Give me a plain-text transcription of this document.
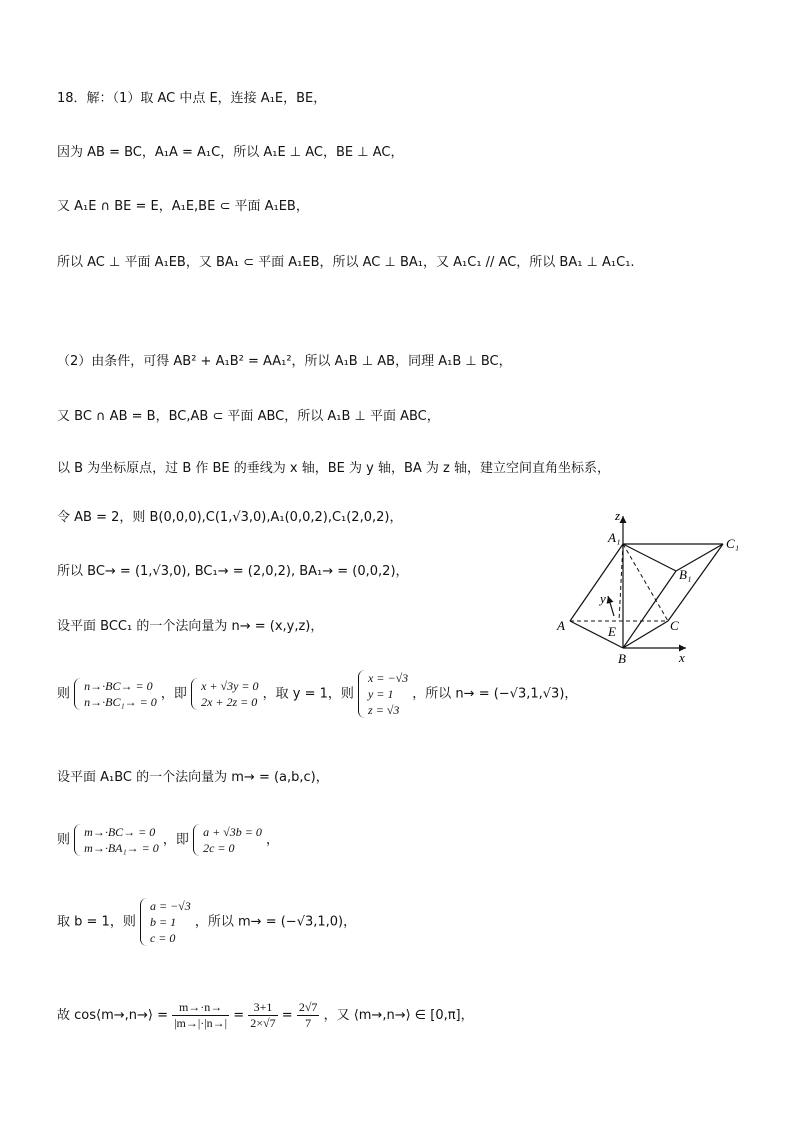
18．解：（1）取 AC 中点 E，连接 A₁E，BE，
因为 AB = BC，A₁A = A₁C，所以 A₁E ⊥ AC，BE ⊥ AC，
又 A₁E ∩ BE = E，A₁E,BE ⊂ 平面 A₁EB，
所以 AC ⊥ 平面 A₁EB，又 BA₁ ⊂ 平面 A₁EB，所以 AC ⊥ BA₁，又 A₁C₁ // AC，所以 BA₁ ⊥ A₁C₁.
（2）由条件，可得 AB² + A₁B² = AA₁²，所以 A₁B ⊥ AB，同理 A₁B ⊥ BC，
又 BC ∩ AB = B，BC,AB ⊂ 平面 ABC，所以 A₁B ⊥ 平面 ABC，
以 B 为坐标原点，过 B 作 BE 的垂线为 x 轴，BE 为 y 轴，BA 为 z 轴，建立空间直角坐标系，
令 AB = 2，则 B(0,0,0),C(1,√3,0),A₁(0,0,2),C₁(2,0,2)，
所以 BC→ = (1,√3,0), BC₁→ = (2,0,2), BA₁→ = (0,0,2)，
设平面 BCC₁ 的一个法向量为 n→ = (x,y,z)，
则
n→·BC→ = 0
n→·BC₁→ = 0
，即
x + √3y = 0
2x + 2z = 0
，取 y = 1，则
x = −√3
y = 1
z = √3
，所以 n→ = (−√3,1,√3)，
设平面 A₁BC 的一个法向量为 m→ = (a,b,c)，
则
m→·BC→ = 0
m→·BA₁→ = 0
，即
a + √3b = 0
2c = 0
，
取 b = 1，则
a = −√3
b = 1
c = 0
，所以 m→ = (−√3,1,0)，
故 cos⟨m→,n→⟩ = $\frac{m\to\cdot n\to}{|m\to|\cdot|n\to|} = \frac{3+1}{2\times√7} = \frac{2√7}{7}$ ，又 ⟨m→,n→⟩ ∈ [0,π]，
z
A₁	C₁
B₁
y
A	E	C
B	x
